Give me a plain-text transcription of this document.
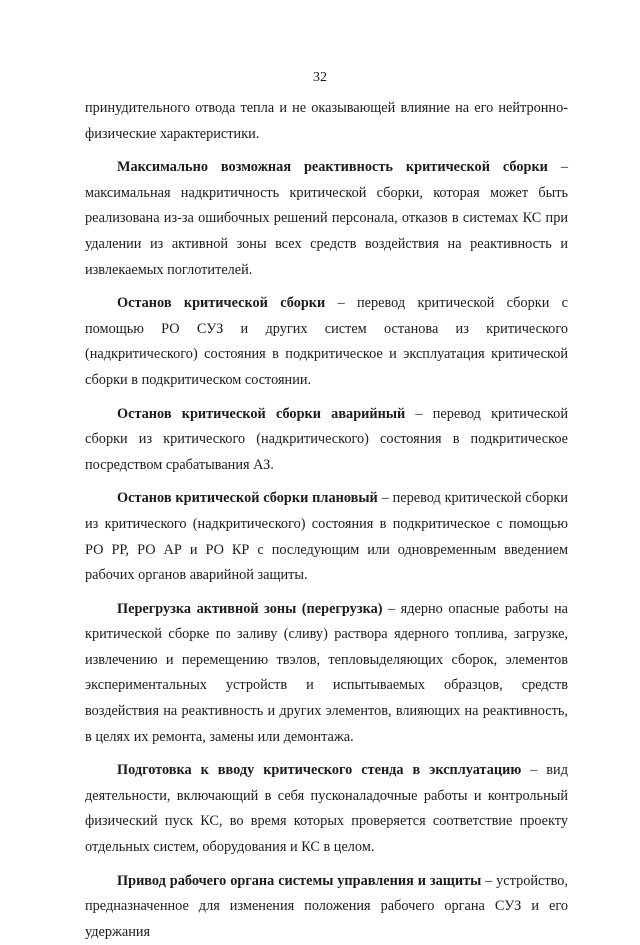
32

принудительного отвода тепла и не оказывающей влияние на его нейтронно-физические характеристики.

Максимально возможная реактивность критической сборки – максимальная надкритичность критической сборки, которая может быть реализована из-за ошибочных решений персонала, отказов в системах КС при удалении из активной зоны всех средств воздействия на реактивность и извлекаемых поглотителей.

Останов критической сборки – перевод критической сборки с помощью РО СУЗ и других систем останова из критического (надкритического) состояния в подкритическое и эксплуатация критической сборки в подкритическом состоянии.

Останов критической сборки аварийный – перевод критической сборки из критического (надкритического) состояния в подкритическое посредством срабатывания АЗ.

Останов критической сборки плановый – перевод критической сборки из критического (надкритического) состояния в подкритическое с помощью РО РР, РО АР и РО КР с последующим или одновременным введением рабочих органов аварийной защиты.

Перегрузка активной зоны (перегрузка) – ядерно опасные работы на критической сборке по заливу (сливу) раствора ядерного топлива, загрузке, извлечению и перемещению твэлов, тепловыделяющих сборок, элементов экспериментальных устройств и испытываемых образцов, средств воздействия на реактивность и других элементов, влияющих на реактивность, в целях их ремонта, замены или демонтажа.

Подготовка к вводу критического стенда в эксплуатацию – вид деятельности, включающий в себя пусконаладочные работы и контрольный физический пуск КС, во время которых проверяется соответствие проекту отдельных систем, оборудования и КС в целом.

Привод рабочего органа системы управления и защиты – устройство, предназначенное для изменения положения рабочего органа СУЗ и его удержания
